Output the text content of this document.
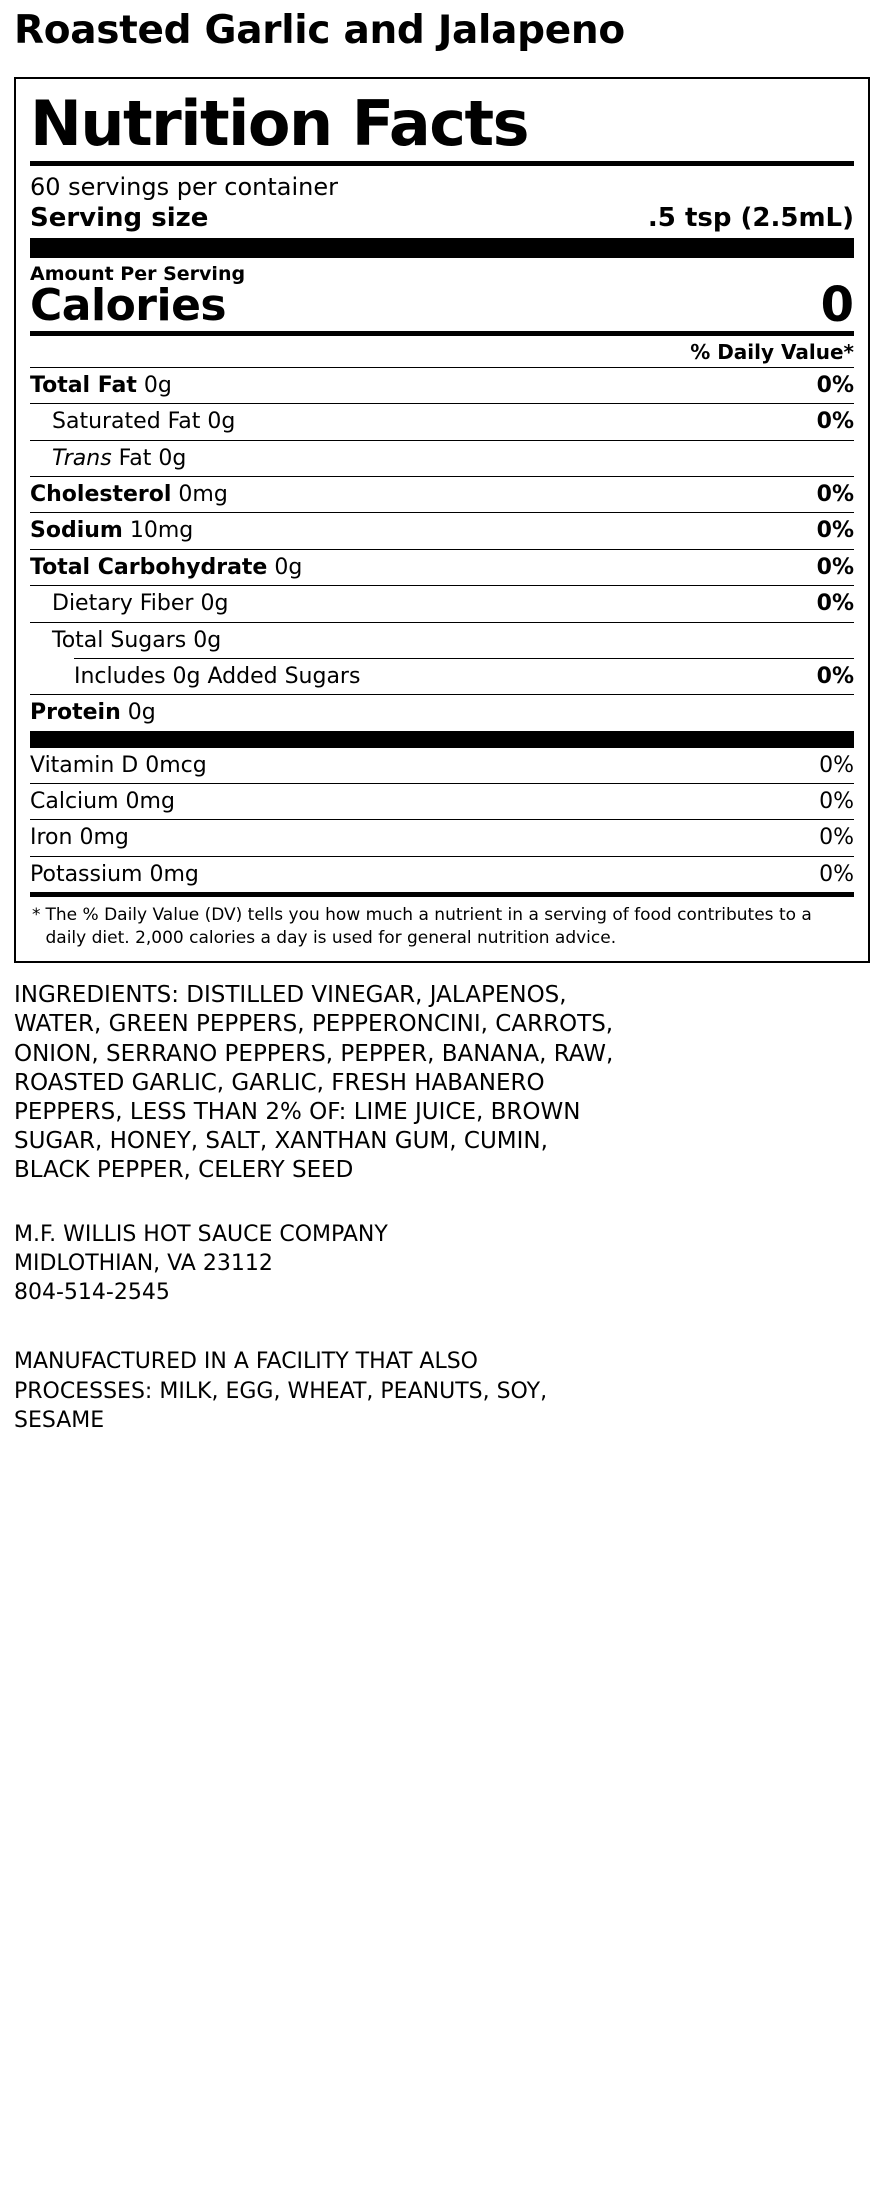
Roasted Garlic and Jalapeno
Nutrition Facts
60 servings per container
Serving size	.5 tsp (2.5mL)
Amount Per Serving
Calories	0
% Daily Value*
Total Fat 0g	0%
Saturated Fat 0g	0%
Trans Fat 0g
Cholesterol 0mg	0%
Sodium 10mg	0%
Total Carbohydrate 0g	0%
Dietary Fiber 0g	0%
Total Sugars 0g
Includes 0g Added Sugars	0%
Protein 0g
Vitamin D 0mcg	0%
Calcium 0mg	0%
Iron 0mg	0%
Potassium 0mg	0%
* The % Daily Value (DV) tells you how much a nutrient in a serving of food contributes to a daily diet. 2,000 calories a day is used for general nutrition advice.
INGREDIENTS: DISTILLED VINEGAR, JALAPENOS, WATER, GREEN PEPPERS, PEPPERONCINI, CARROTS, ONION, SERRANO PEPPERS, PEPPER, BANANA, RAW, ROASTED GARLIC, GARLIC, FRESH HABANERO PEPPERS, LESS THAN 2% OF: LIME JUICE, BROWN SUGAR, HONEY, SALT, XANTHAN GUM, CUMIN, BLACK PEPPER, CELERY SEED
M.F. WILLIS HOT SAUCE COMPANY
MIDLOTHIAN, VA 23112
804-514-2545
MANUFACTURED IN A FACILITY THAT ALSO PROCESSES: MILK, EGG, WHEAT, PEANUTS, SOY, SESAME
